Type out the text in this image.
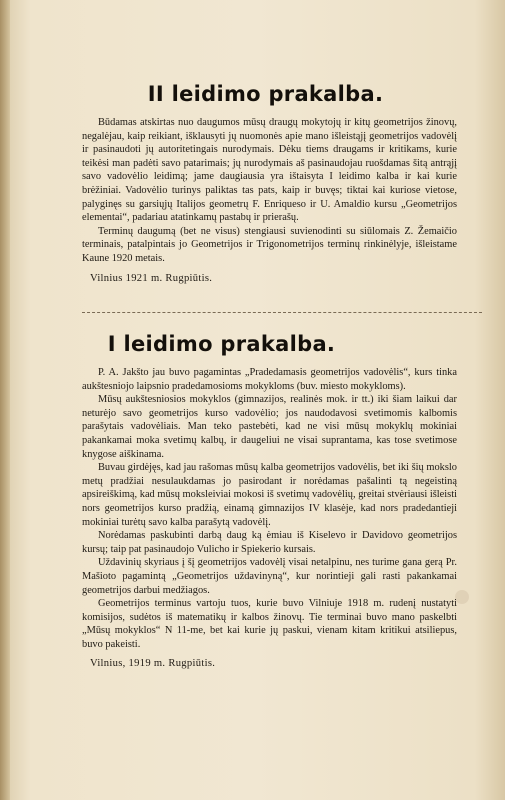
II leidimo prakalba.

Būdamas atskirtas nuo daugumos mūsų draugų mokytojų ir kitų geometrijos žinovų, negalėjau, kaip reikiant, išklausyti jų nuomonės apie mano išleistąjį geometrijos vadovėlį ir pasinaudoti jų autoritetingais nurodymais. Dėku tiems draugams ir kritikams, kurie teikėsi man padėti savo patarimais; jų nurodymais aš pasinaudojau ruošdamas šitą antrąjį savo vadovėlio leidimą; jame daugiausia yra ištaisyta I leidimo kalba ir kai kurie brėžiniai. Vadovėlio turinys paliktas tas pats, kaip ir buvęs; tiktai kai kuriose vietose, palyginęs su garsiųjų Italijos geometrų F. Enriqueso ir U. Amaldio kursu „Geometrijos elementai“, padariau atatinkamų pastabų ir prierašų.

Terminų daugumą (bet ne visus) stengiausi suvienodinti su siūlomais Z. Žemaičio terminais, patalpintais jo Geometrijos ir Trigonometrijos terminų rinkinėlyje, išleistame Kaune 1920 metais.

Vilnius 1921 m. Rugpiūtis.

I leidimo prakalba.

P. A. Jakšto jau buvo pagamintas „Pradedamasis geometrijos vadovėlis“, kurs tinka aukštesniojo laipsnio pradedamosioms mokykloms (buv. miesto mokykloms).

Mūsų aukštesniosios mokyklos (gimnazijos, realinės mok. ir tt.) iki šiam laikui dar neturėjo savo geometrijos kurso vadovėlio; jos naudodavosi svetimomis kalbomis parašytais vadovėliais. Man teko pastebėti, kad ne visi mūsų mokyklų mokiniai pakankamai moka svetimų kalbų, ir daugeliui ne visai suprantama, kas tose svetimose knygose aiškinama.

Buvau girdėjęs, kad jau rašomas mūsų kalba geometrijos vadovėlis, bet iki šių mokslo metų pradžiai nesulaukdamas jo pasirodant ir norėdamas pašalinti tą negeistiną apsireiškimą, kad mūsų moksleiviai mokosi iš svetimų vadovėlių, greitai stvėriausi išleisti nors geometrijos kurso pradžią, einamą gimnazijos IV klasėje, kad nors pradedantieji mokiniai turėtų savo kalba parašytą vadovėlį.

Norėdamas paskubinti darbą daug ką ėmiau iš Kiselevo ir Davidovo geometrijos kursų; taip pat pasinaudojo Vulicho ir Spiekerio kursais.

Uždavinių skyriaus į šį geometrijos vadovėlį visai netalpinu, nes turime gana gerą Pr. Mašioto pagamintą „Geometrijos uždavinyną“, kur norintieji gali rasti pakankamai geometrijos darbui medžiagos.

Geometrijos terminus vartoju tuos, kurie buvo Vilniuje 1918 m. rudenį nustatyti komisijos, sudėtos iš matematikų ir kalbos žinovų. Tie terminai buvo mano paskelbti „Mūsų mokyklos“ N 11-me, bet kai kurie jų paskui, vienam kitam kritikui atsiliepus, buvo pakeisti.

Vilnius, 1919 m. Rugpiūtis.
